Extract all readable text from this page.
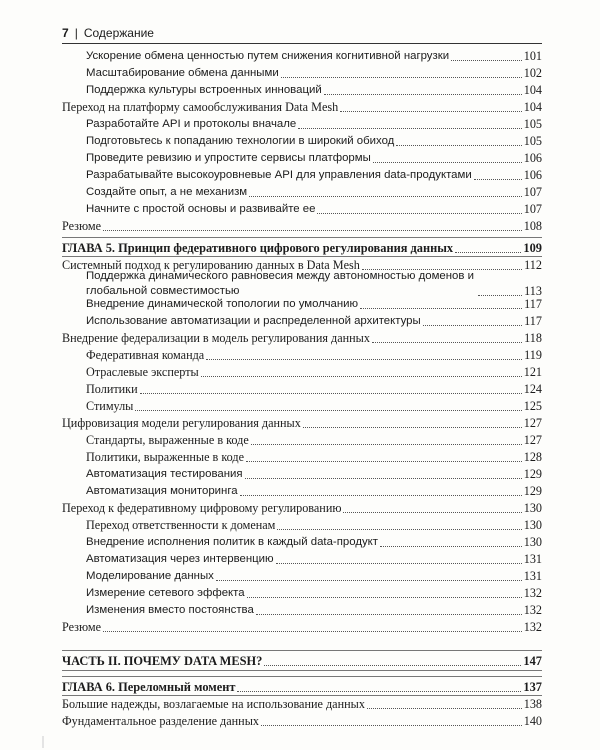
7 | Содержание
Ускорение обмена ценностью путем снижения когнитивной нагрузки	101
Масштабирование обмена данными	102
Поддержка культуры встроенных инноваций	104
Переход на платформу самообслуживания Data Mesh	104
Разработайте API и протоколы вначале	105
Подготовьтесь к попаданию технологии в широкий обиход	105
Проведите ревизию и упростите сервисы платформы	106
Разрабатывайте высокоуровневые API для управления data-продуктами	106
Создайте опыт, а не механизм	107
Начните с простой основы и развивайте ее	107
Резюме	108
ГЛАВА 5. Принцип федеративного цифрового регулирования данных	109
Системный подход к регулированию данных в Data Mesh	112
Поддержка динамического равновесия между автономностью доменов и глобальной совместимостью	113
Внедрение динамической топологии по умолчанию	117
Использование автоматизации и распределенной архитектуры	117
Внедрение федерализации в модель регулирования данных	118
Федеративная команда	119
Отраслевые эксперты	121
Политики	124
Стимулы	125
Цифровизация модели регулирования данных	127
Стандарты, выраженные в коде	127
Политики, выраженные в коде	128
Автоматизация тестирования	129
Автоматизация мониторинга	129
Переход к федеративному цифровому регулированию	130
Переход ответственности к доменам	130
Внедрение исполнения политик в каждый data-продукт	130
Автоматизация через интервенцию	131
Моделирование данных	131
Измерение сетевого эффекта	132
Изменения вместо постоянства	132
Резюме	132
ЧАСТЬ II. ПОЧЕМУ DATA MESH?	147
ГЛАВА 6. Переломный момент	137
Большие надежды, возлагаемые на использование данных	138
Фундаментальное разделение данных	140
